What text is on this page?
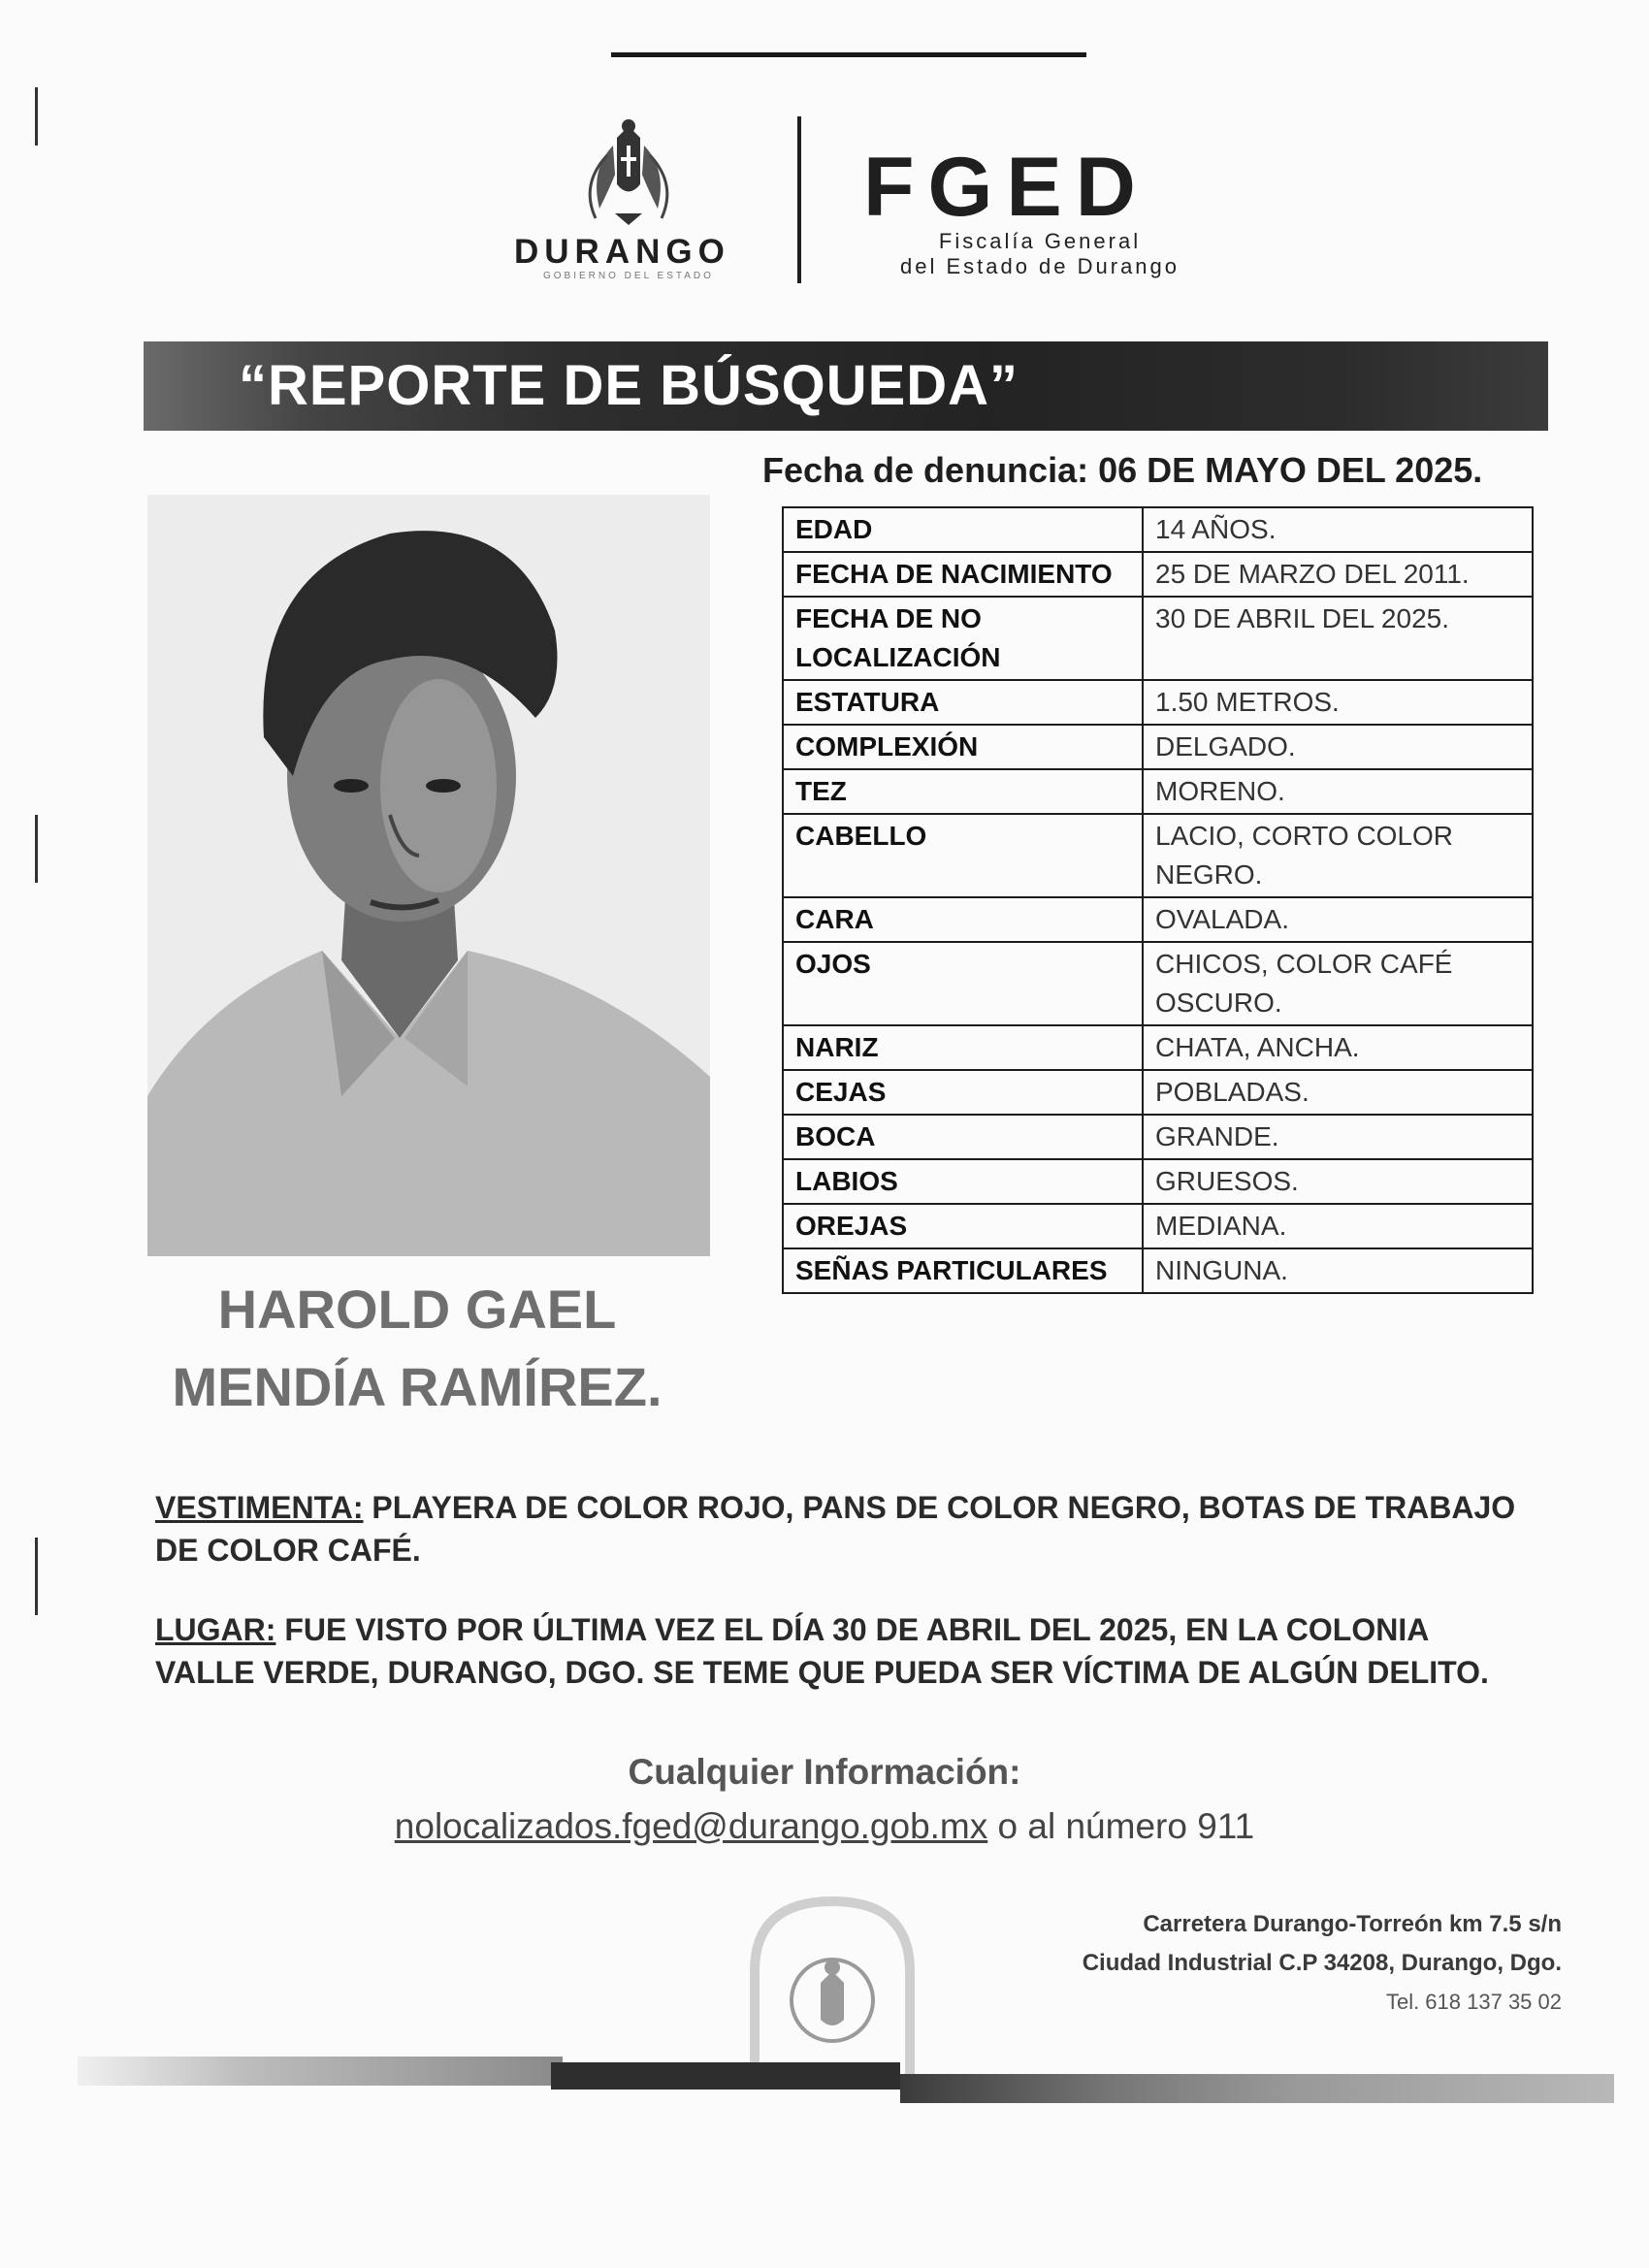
DURANGO
GOBIERNO DEL ESTADO
FGED
Fiscalía General
del Estado de Durango
“REPORTE DE BÚSQUEDA”
Fecha de denuncia: 06 DE MAYO DEL 2025.
HAROLD GAEL
MENDÍA RAMÍREZ.
EDAD	14 AÑOS.
FECHA DE NACIMIENTO	25 DE MARZO DEL 2011.
FECHA DE NO LOCALIZACIÓN	30 DE ABRIL DEL 2025.
ESTATURA	1.50 METROS.
COMPLEXIÓN	DELGADO.
TEZ	MORENO.
CABELLO	LACIO, CORTO COLOR NEGRO.
CARA	OVALADA.
OJOS	CHICOS, COLOR CAFÉ OSCURO.
NARIZ	CHATA, ANCHA.
CEJAS	POBLADAS.
BOCA	GRANDE.
LABIOS	GRUESOS.
OREJAS	MEDIANA.
SEÑAS PARTICULARES	NINGUNA.
VESTIMENTA: PLAYERA DE COLOR ROJO, PANS DE COLOR NEGRO, BOTAS DE TRABAJO DE COLOR CAFÉ.
LUGAR: FUE VISTO POR ÚLTIMA VEZ EL DÍA 30 DE ABRIL DEL 2025, EN LA COLONIA VALLE VERDE, DURANGO, DGO. SE TEME QUE PUEDA SER VÍCTIMA DE ALGÚN DELITO.
Cualquier Información:
nolocalizados.fged@durango.gob.mx o al número 911
Carretera Durango-Torreón km 7.5 s/n
Ciudad Industrial C.P 34208, Durango, Dgo.
Tel. 618 137 35 02
